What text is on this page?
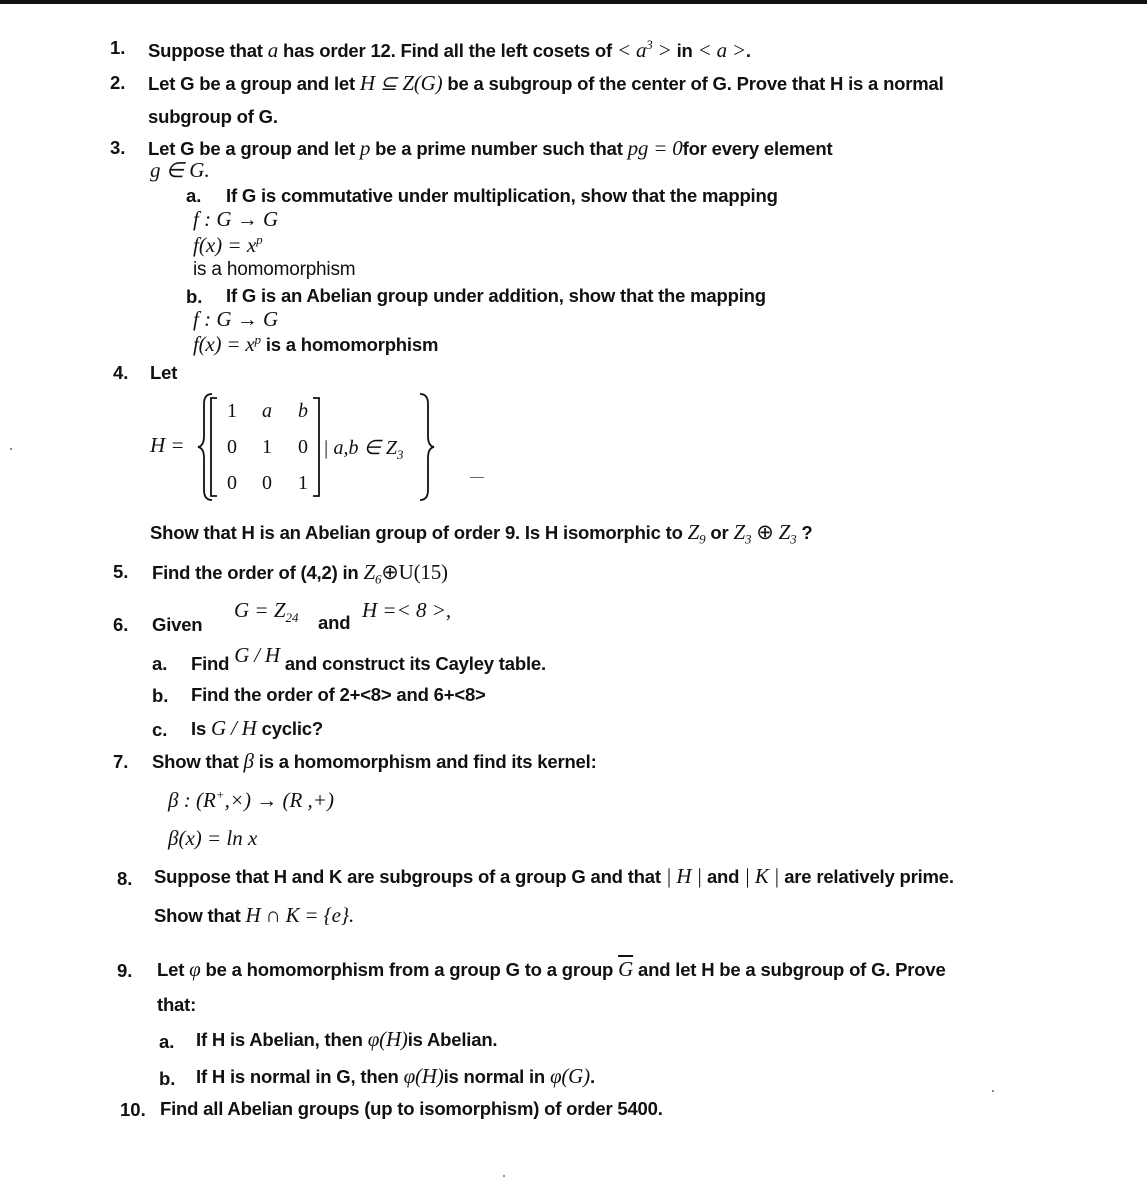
1. Suppose that a has order 12. Find all the left cosets of < $a^3$ > in < a >.
2. Let G be a group and let H ⊆ Z(G) be a subgroup of the center of G. Prove that H is a normal
subgroup of G.
3. Let G be a group and let p be a prime number such that pg = 0for every element
g ∈ G.
a. If G is commutative under multiplication, show that the mapping
f : G → G
$f(x) = x^p$
is a homomorphism
b. If G is an Abelian group under addition, show that the mapping
f : G → G
$f(x) = x^p$ is a homomorphism
4. Let
H =
1	a	b
0	1	0
0	0	1
| a,b ∈ $Z_3$
Show that H is an Abelian group of order 9. Is H isomorphic to $Z_9$ or $Z_3$ ⊕ $Z_3$ ?
5. Find the order of (4,2) in $Z_6\oplus U(15)$
6. Given
$G = Z_{24}$ and
H =< 8 >,
a. Find G / H and construct its Cayley table.
b. Find the order of 2+<8> and 6+<8>
c. Is G / H cyclic?
7. Show that β is a homomorphism and find its kernel:
β : (R+,×) → (R ,+)
β(x) = ln x
8. Suppose that H and K are subgroups of a group G and that | H | and | K | are relatively prime.
Show that H ∩ K = {e}.
9. Let φ be a homomorphism from a group G to a group $\overline{G}$ and let H be a subgroup of G. Prove
that:
a. If H is Abelian, then φ(H)is Abelian.
b. If H is normal in G, then φ(H)is normal in φ(G).
10. Find all Abelian groups (up to isomorphism) of order 5400.
